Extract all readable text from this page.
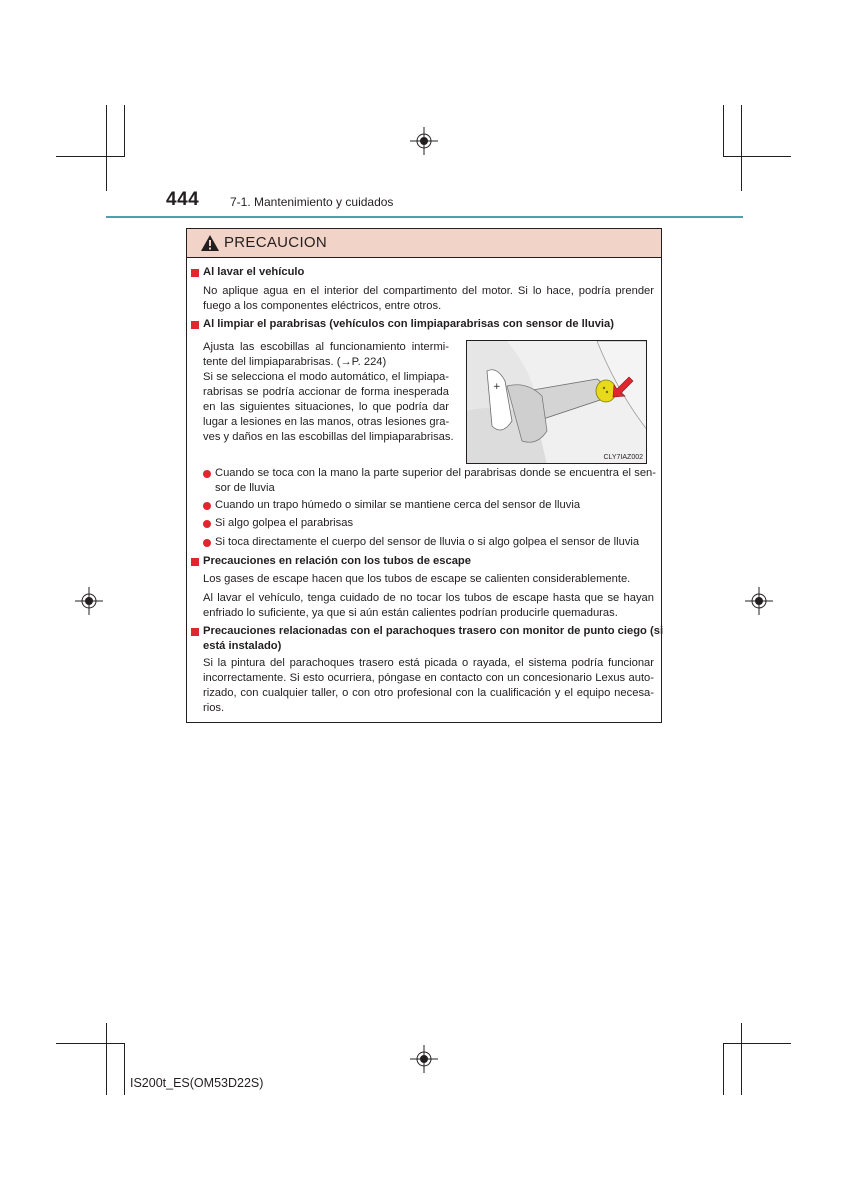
444	7-1. Mantenimiento y cuidados
PRECAUCION
Al lavar el vehículo
No aplique agua en el interior del compartimento del motor. Si lo hace, podría prender
fuego a los componentes eléctricos, entre otros.
Al limpiar el parabrisas (vehículos con limpiaparabrisas con sensor de lluvia)
Ajusta las escobillas al funcionamiento intermi-
tente del limpiaparabrisas. (→P. 224)
Si se selecciona el modo automático, el limpiapa-
rabrisas se podría accionar de forma inesperada
en las siguientes situaciones, lo que podría dar
lugar a lesiones en las manos, otras lesiones gra-
ves y daños en las escobillas del limpiaparabrisas.
+
CLY7IAZ002
Cuando se toca con la mano la parte superior del parabrisas donde se encuentra el sen-
sor de lluvia
Cuando un trapo húmedo o similar se mantiene cerca del sensor de lluvia
Si algo golpea el parabrisas
Si toca directamente el cuerpo del sensor de lluvia o si algo golpea el sensor de lluvia
Precauciones en relación con los tubos de escape
Los gases de escape hacen que los tubos de escape se calienten considerablemente.
Al lavar el vehículo, tenga cuidado de no tocar los tubos de escape hasta que se hayan
enfriado lo suficiente, ya que si aún están calientes podrían producirle quemaduras.
Precauciones relacionadas con el parachoques trasero con monitor de punto ciego (si
está instalado)
Si la pintura del parachoques trasero está picada o rayada, el sistema podría funcionar
incorrectamente. Si esto ocurriera, póngase en contacto con un concesionario Lexus auto-
rizado, con cualquier taller, o con otro profesional con la cualificación y el equipo necesa-
rios.
IS200t_ES(OM53D22S)
